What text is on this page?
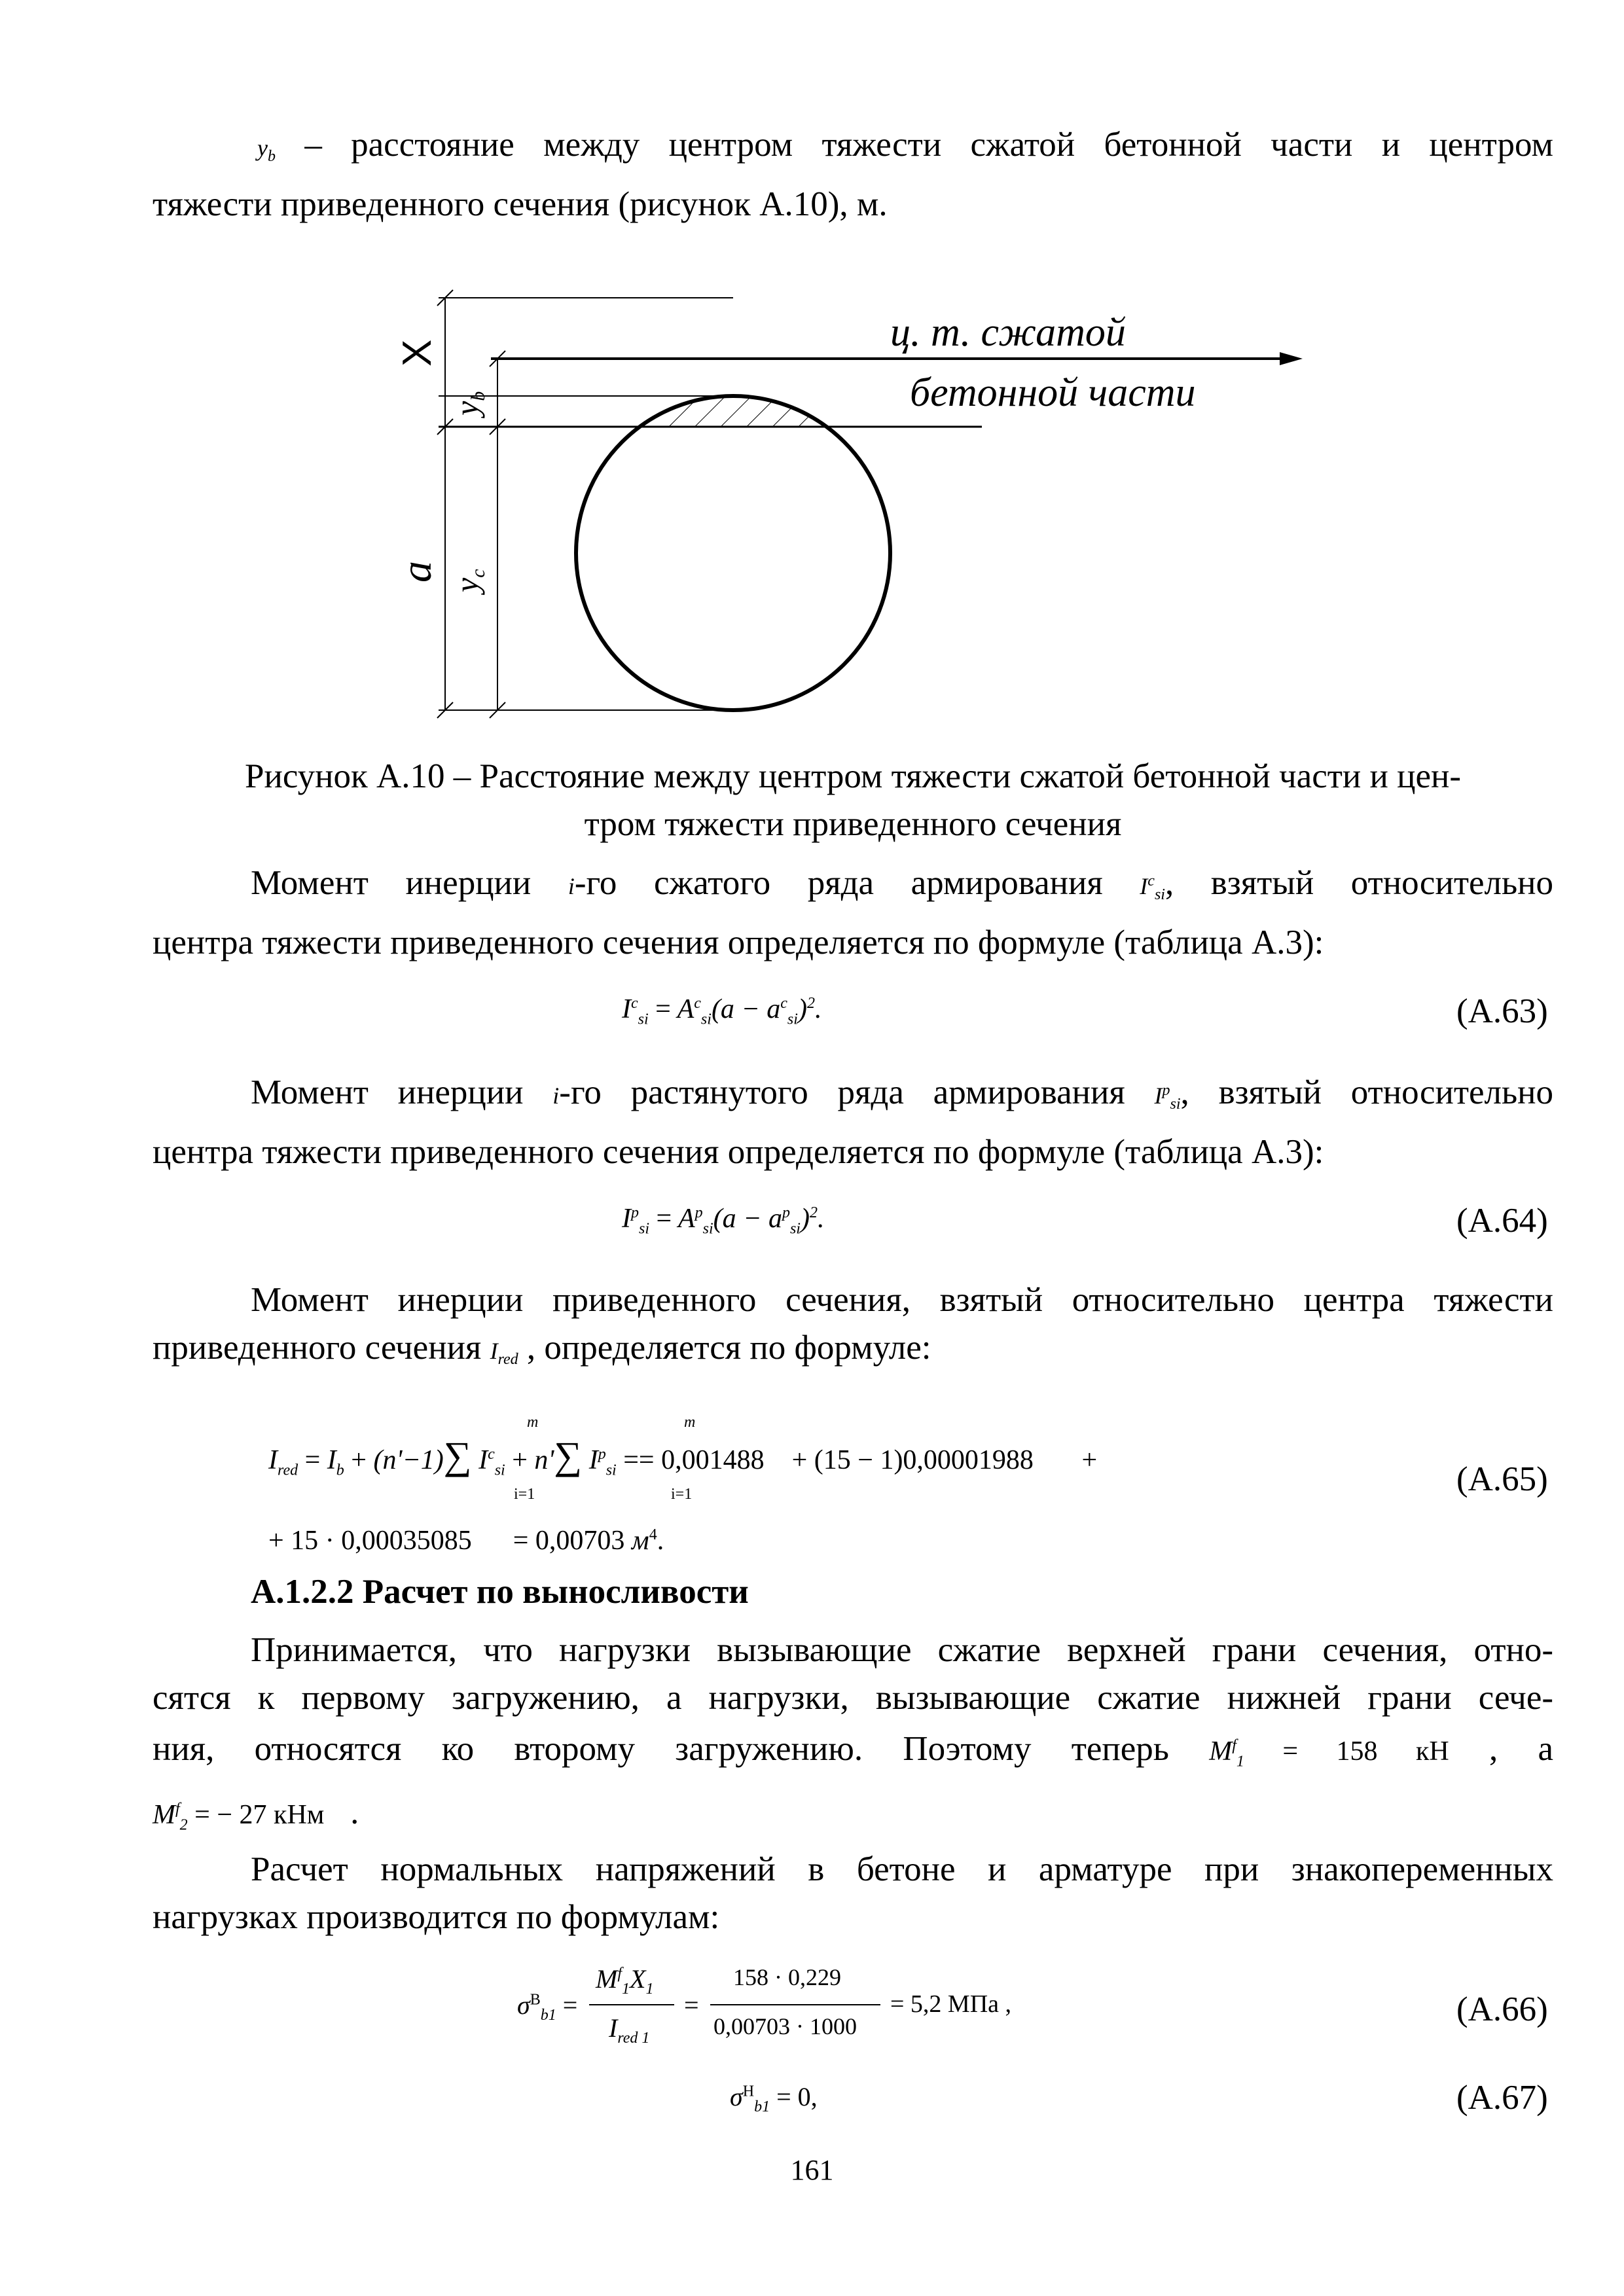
$y_b$ – расстояние между центром тяжести сжатой бетонной части и центром
тяжести приведенного сечения (рисунок А.10), м.
X
$y_b$
a
$y_c$
ц. т. сжатой
бетонной части
Рисунок А.10 – Расстояние между центром тяжести сжатой бетонной части и цен-
тром тяжести приведенного сечения
Момент инерции i-го сжатого ряда армирования $I^c_{si}$, взятый относительно
центра тяжести приведенного сечения определяется по формуле (таблица А.3):
$I^c_{si} = A^c_{si}(a - a^c_{si})^2$.	(А.63)
Момент инерции i-го растянутого ряда армирования $I^p_{si}$, взятый относительно
центра тяжести приведенного сечения определяется по формуле (таблица А.3):
$I^p_{si} = A^p_{si}(a - a^p_{si})^2$.	(А.64)
Момент инерции приведенного сечения, взятый относительно центра тяжести
приведенного сечения $I_{red}$ , определяется по формуле:
$I_{red} = I_b + (n'-1)\sum$ $I^c_{si} + n'\sum$ $I^p_{si} == 0,001488 + (15 - 1)0,00001988$ +
m
i=1
m
i=1
+ 15 · 0,00035085 = 0,00703 $м^4$.
(А.65)
А.1.2.2 Расчет по выносливости
Принимается, что нагрузки вызывающие сжатие верхней грани сечения, отно-
сятся к первому загружению, а нагрузки, вызывающие сжатие нижней грани сече-
ния, относятся ко второму загружению. Поэтому теперь $M^f_1 = 158$ кН , а
$M^f_2$ = − 27 кНм .
Расчет нормальных напряжений в бетоне и арматуре при знакопеременных
нагрузках производится по формулам:
$\sigma^В_{b1}$ =
$M^f_1X_1$
$I_{red 1}$
=
158 · 0,229
0,00703 · 1000
= 5,2 МПа ,	(А.66)
$\sigma^Н_{b1} = 0$,	(А.67)
161
